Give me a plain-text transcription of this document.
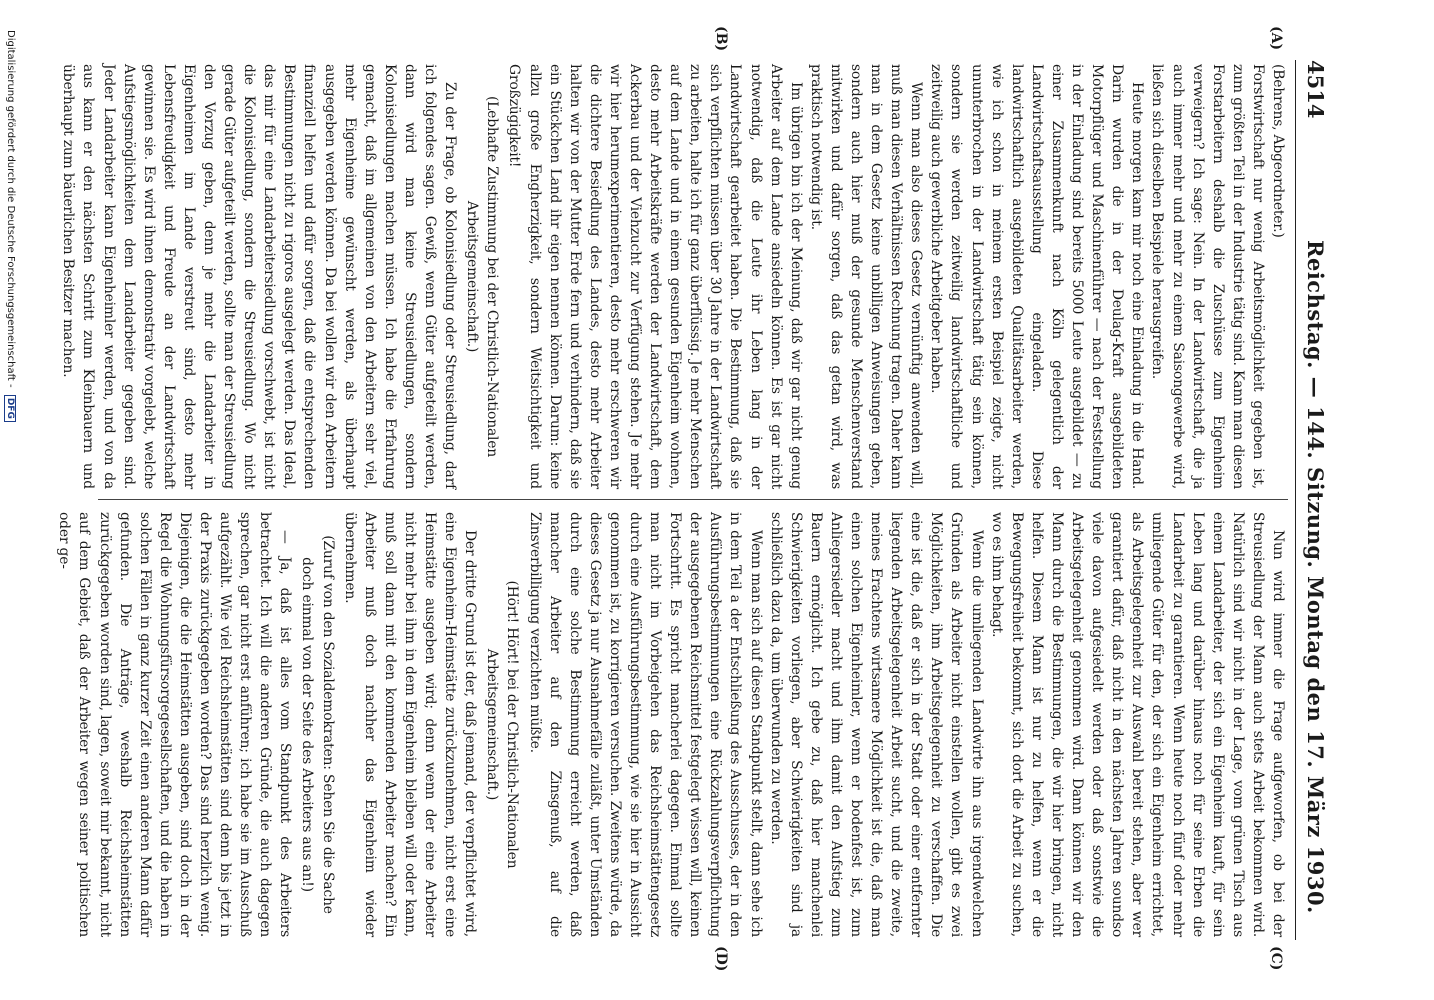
4514
Reichstag. — 144. Sitzung. Montag den 17. März 1930.
(A)
(B)
(C)
(D)

(Behrens, Abgeordneter.)

Forstwirtschaft nur wenig Arbeitsmöglichkeit gegeben ist, zum größten Teil in der Industrie tätig sind. Kann man diesen Forstarbeitern deshalb die Zuschüsse zum Eigenheim verweigern? Ich sage: Nein. In der Landwirtschaft, die ja auch immer mehr und mehr zu einem Saisongewerbe wird, ließen sich dieselben Beispiele herausgreifen.

Heute morgen kam mir noch eine Einladung in die Hand. Darin wurden die in der Deulag-Kraft ausgebildeten Motorpflüger und Maschinenführer — nach der Feststellung in der Einladung sind bereits 5000 Leute ausgebildet — zu einer Zusammenkunft nach Köln gelegentlich der Landwirtschaftsausstellung eingeladen. Diese landwirtschaftlich ausgebildeten Qualitätsarbeiter werden, wie ich schon in meinem ersten Beispiel zeigte, nicht ununterbrochen in der Landwirtschaft tätig sein können, sondern sie werden zeitweilig landwirtschaftliche und zeitweilig auch gewerbliche Arbeitgeber haben.

Wenn man also dieses Gesetz vernünftig anwenden will, muß man diesen Verhältnissen Rechnung tragen. Daher kann man in dem Gesetz keine unbilligen Anweisungen geben, sondern auch hier muß der gesunde Menschenverstand mitwirken und dafür sorgen, daß das getan wird, was praktisch notwendig ist.

Im übrigen bin ich der Meinung, daß wir gar nicht genug Arbeiter auf dem Lande ansiedeln können. Es ist gar nicht notwendig, daß die Leute ihr Leben lang in der Landwirtschaft gearbeitet haben. Die Bestimmung, daß sie sich verpflichten müssen über 30 Jahre in der Landwirtschaft zu arbeiten, halte ich für ganz überflüssig. Je mehr Menschen auf dem Lande und in einem gesunden Eigenheim wohnen, desto mehr Arbeitskräfte werden der Landwirtschaft, dem Ackerbau und der Viehzucht zur Verfügung stehen. Je mehr wir hier herumexperimentieren, desto mehr erschweren wir die dichtere Besiedlung des Landes, desto mehr Arbeiter halten wir von der Mutter Erde fern und verhindern, daß sie ein Stückchen Land ihr eigen nennen können. Darum: keine allzu große Engherzigkeit, sondern Weitsichtigkeit und Großzügigkeit!

(Lebhafte Zustimmung bei der Christlich-Nationalen Arbeitsgemeinschaft.)

Zu der Frage, ob Kolonisiedlung oder Streusiedlung, darf ich folgendes sagen. Gewiß, wenn Güter aufgeteilt werden, dann wird man keine Streusiedlungen, sondern Kolonisiedlungen machen müssen. Ich habe die Erfahrung gemacht, daß im allgemeinen von den Arbeitern sehr viel, mehr Eigenheime gewünscht werden, als überhaupt ausgegeben werden können. Da bei wollen wir den Arbeitern finanziell helfen und dafür sorgen, daß die entsprechenden Bestimmungen nicht zu rigoros ausgelegt werden. Das Ideal, das mir für eine Landarbeitersiedlung vorschwebt, ist nicht die Kolonisiedlung, sondern die Streusiedlung. Wo nicht gerade Güter aufgeteilt werden, sollte man der Streusiedlung den Vorzug geben, denn je mehr die Landarbeiter in Eigenheimen im Lande verstreut sind, desto mehr Lebensfreudigkeit und Freude an der Landwirtschaft gewinnen sie. Es wird ihnen demonstrativ vorgelebt, welche Aufstiegsmöglichkeiten dem Landarbeiter gegeben sind. Jeder Landarbeiter kann Eigenheimler werden, und von da aus kann er den nächsten Schritt zum Kleinbauern und überhaupt zum bäuerlichen Besitzer machen.

Nun wird immer die Frage aufgeworfen, ob bei der Streusiedlung der Mann auch stets Arbeit bekommen wird. Natürlich sind wir nicht in der Lage, vom grünen Tisch aus einem Landarbeiter, der sich ein Eigenheim kauft, für sein Leben lang und darüber hinaus noch für seine Erben die Landarbeit zu garantieren. Wenn heute noch fünf oder mehr umliegende Güter für den, der sich ein Eigenheim errichtet, als Arbeitsgelegenheit zur Auswahl bereit stehen, aber wer garantiert dafür, daß nicht in den nächsten Jahren soundso viele davon aufgesiedelt werden oder daß sonstwie die Arbeitsgelegenheit genommen wird. Dann können wir den Mann durch die Bestimmungen, die wir hier bringen, nicht helfen. Diesem Mann ist nur zu helfen, wenn er die Bewegungsfreiheit bekommt, sich dort die Arbeit zu suchen, wo es ihm behagt.

Wenn die umliegenden Landwirte ihn aus irgendwelchen Gründen als Arbeiter nicht einstellen wollen, gibt es zwei Möglichkeiten, ihm Arbeitsgelegenheit zu verschaffen. Die eine ist die, daß er sich in der Stadt oder einer entfernter liegenden Arbeitsgelegenheit Arbeit sucht, und die zweite, meines Erachtens wirtsamere Möglichkeit ist die, daß man einen solchen Eigenheimler, wenn er bodenfest ist, zum Anliegersiedler macht und ihm damit den Aufstieg zum Bauern ermöglicht. Ich gebe zu, daß hier manchenlei Schwierigkeiten vorliegen, aber Schwierigkeiten sind ja schließlich dazu da, um überwunden zu werden.

Wenn man sich auf diesen Standpunkt stellt, dann sehe ich in dem Teil a der Entschließung des Ausschusses, der in den Ausführungsbestimmungen eine Rückzahlungsverpflichtung der ausgegebenen Reichsmittel festgelegt wissen will, keinen Fortschritt. Es spricht mancherlei dagegen. Einmal sollte man nicht im Vorbeigehen das Reichsheimstättengesetz durch eine Ausführungsbestimmung, wie sie hier in Aussicht genommen ist, zu korrigieren versuchen. Zweitens würde, da dieses Gesetz ja nur Ausnahmefälle zuläßt, unter Umständen durch eine solche Bestimmung erreicht werden, daß mancher Arbeiter auf den Zinsgenuß, auf die Zinsverbilligung verzichten müßte.

(Hört! Hört! bei der Christlich-Nationalen Arbeitsgemeinschaft.)

Der dritte Grund ist der, daß jemand, der verpflichtet wird, eine Eigenheim-Heimstätte zurückzunehmen, nicht erst eine Heimstätte ausgeben wird; denn wenn der eine Arbeiter nicht mehr bei ihm in dem Eigenheim bleiben will oder kann, muß soll dann mit den kommenden Arbeiter machen? Ein Arbeiter muß doch nachher das Eigenheim wieder übernehmen.

(Zuruf von den Sozialdemokraten: Sehen Sie die Sache doch einmal von der Seite des Arbeiters aus an!)

— Ja, daß ist alles vom Standpunkt des Arbeiters betrachtet. Ich will die anderen Gründe, die auch dagegen sprechen, gar nicht erst anführen; ich habe sie im Ausschuß aufgezählt. Wie viel Reichsheimstätten sind denn bis jetzt in der Praxis zurückgegeben worden? Das sind herzlich wenig. Diejenigen, die die Heimstätten ausgeben, sind doch in der Regel die Wohnungsfürsorgegesellschaften, und die haben in solchen Fällen in ganz kurzer Zeit einen anderen Mann dafür gefunden. Die Anträge, weshalb Reichsheimstätten zurückgegeben worden sind, lagen, soweit mir bekannt, nicht auf dem Gebiet, daß der Arbeiter wegen seiner politischen oder ge-

Digitalisierung gefördert durch die Deutsche Forschungsgemeinschaft - DFG
